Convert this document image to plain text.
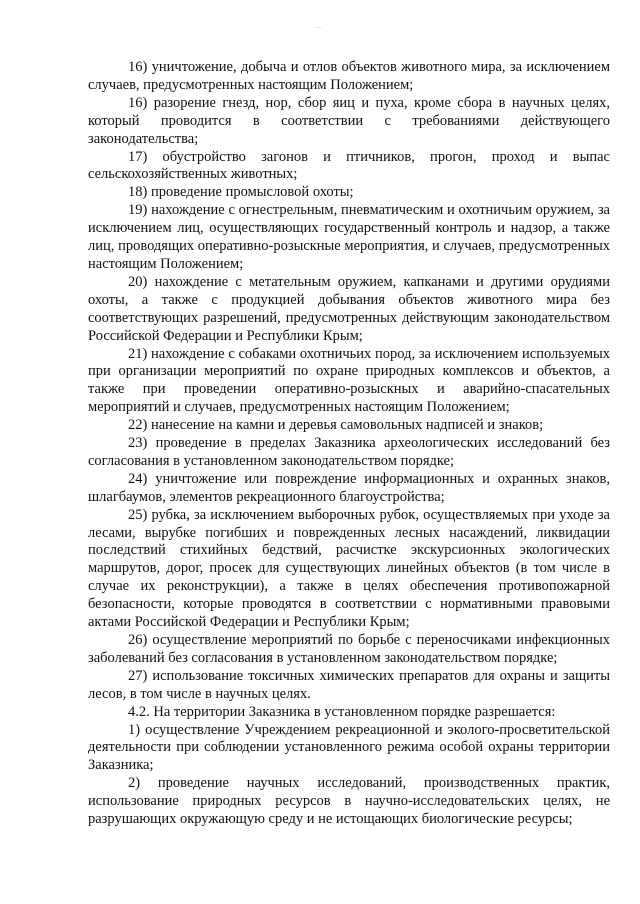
...

16) уничтожение, добыча и отлов объектов животного мира, за исключением случаев, предусмотренных настоящим Положением;

16) разорение гнезд, нор, сбор яиц и пуха, кроме сбора в научных целях, который проводится в соответствии с требованиями действующего законодательства;

17) обустройство загонов и птичников, прогон, проход и выпас сельскохозяйственных животных;

18) проведение промысловой охоты;

19) нахождение с огнестрельным, пневматическим и охотничьим оружием, за исключением лиц, осуществляющих государственный контроль и надзор, а также лиц, проводящих оперативно-розыскные мероприятия, и случаев, предусмотренных настоящим Положением;

20) нахождение с метательным оружием, капканами и другими орудиями охоты, а также с продукцией добывания объектов животного мира без соответствующих разрешений, предусмотренных действующим законодательством Российской Федерации и Республики Крым;

21) нахождение с собаками охотничьих пород, за исключением используемых при организации мероприятий по охране природных комплексов и объектов, а также при проведении оперативно-розыскных и аварийно-спасательных мероприятий и случаев, предусмотренных настоящим Положением;

22) нанесение на камни и деревья самовольных надписей и знаков;

23) проведение в пределах Заказника археологических исследований без согласования в установленном законодательством порядке;

24) уничтожение или повреждение информационных и охранных знаков, шлагбаумов, элементов рекреационного благоустройства;

25) рубка, за исключением выборочных рубок, осуществляемых при уходе за лесами, вырубке погибших и поврежденных лесных насаждений, ликвидации последствий стихийных бедствий, расчистке экскурсионных экологических маршрутов, дорог, просек для существующих линейных объектов (в том числе в случае их реконструкции), а также в целях обеспечения противопожарной безопасности, которые проводятся в соответствии с нормативными правовыми актами Российской Федерации и Республики Крым;

26) осуществление мероприятий по борьбе с переносчиками инфекционных заболеваний без согласования в установленном законодательством порядке;

27) использование токсичных химических препаратов для охраны и защиты лесов, в том числе в научных целях.

4.2. На территории Заказника в установленном порядке разрешается:

1) осуществление Учреждением рекреационной и эколого-просветительской деятельности при соблюдении установленного режима особой охраны территории Заказника;

2) проведение научных исследований, производственных практик, использование природных ресурсов в научно-исследовательских целях, не разрушающих окружающую среду и не истощающих биологические ресурсы;
